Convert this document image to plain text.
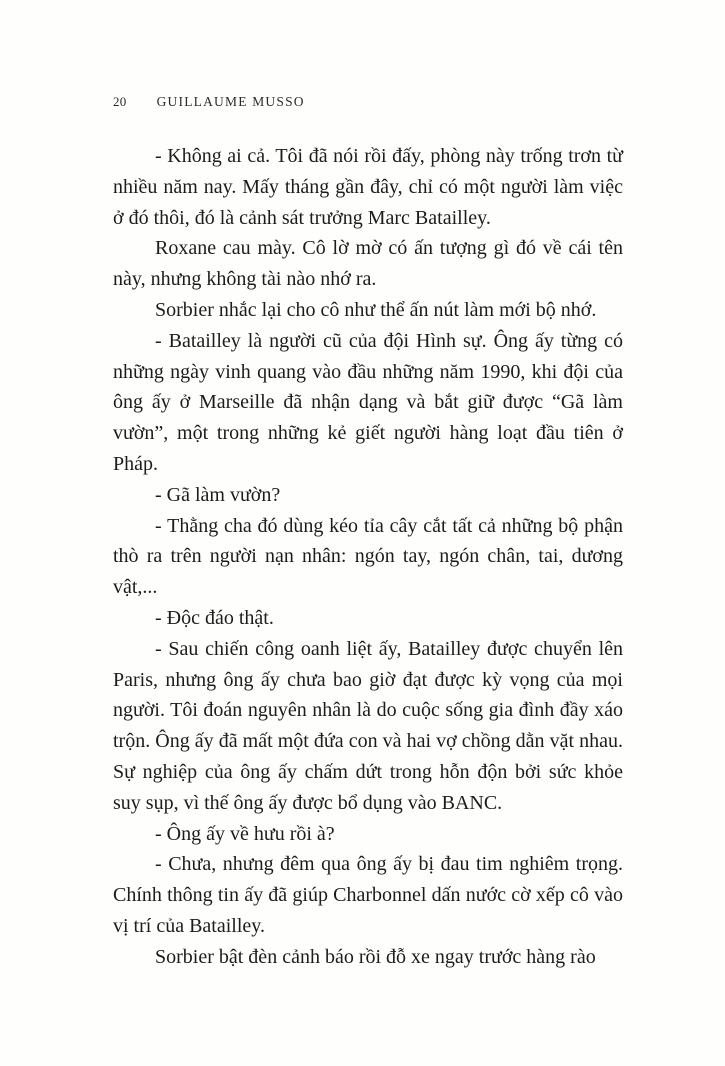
20 GUILLAUME MUSSO

- Không ai cả. Tôi đã nói rồi đấy, phòng này trống trơn từ nhiều năm nay. Mấy tháng gần đây, chỉ có một người làm việc ở đó thôi, đó là cảnh sát trưởng Marc Batailley.

Roxane cau mày. Cô lờ mờ có ấn tượng gì đó về cái tên này, nhưng không tài nào nhớ ra.

Sorbier nhắc lại cho cô như thể ấn nút làm mới bộ nhớ.

- Batailley là người cũ của đội Hình sự. Ông ấy từng có những ngày vinh quang vào đầu những năm 1990, khi đội của ông ấy ở Marseille đã nhận dạng và bắt giữ được “Gã làm vườn”, một trong những kẻ giết người hàng loạt đầu tiên ở Pháp.

- Gã làm vườn?

- Thằng cha đó dùng kéo tỉa cây cắt tất cả những bộ phận thò ra trên người nạn nhân: ngón tay, ngón chân, tai, dương vật,...

- Độc đáo thật.

- Sau chiến công oanh liệt ấy, Batailley được chuyển lên Paris, nhưng ông ấy chưa bao giờ đạt được kỳ vọng của mọi người. Tôi đoán nguyên nhân là do cuộc sống gia đình đầy xáo trộn. Ông ấy đã mất một đứa con và hai vợ chồng dằn vặt nhau. Sự nghiệp của ông ấy chấm dứt trong hỗn độn bởi sức khỏe suy sụp, vì thế ông ấy được bổ dụng vào BANC.

- Ông ấy về hưu rồi à?

- Chưa, nhưng đêm qua ông ấy bị đau tim nghiêm trọng. Chính thông tin ấy đã giúp Charbonnel dấn nước cờ xếp cô vào vị trí của Batailley.

Sorbier bật đèn cảnh báo rồi đỗ xe ngay trước hàng rào
